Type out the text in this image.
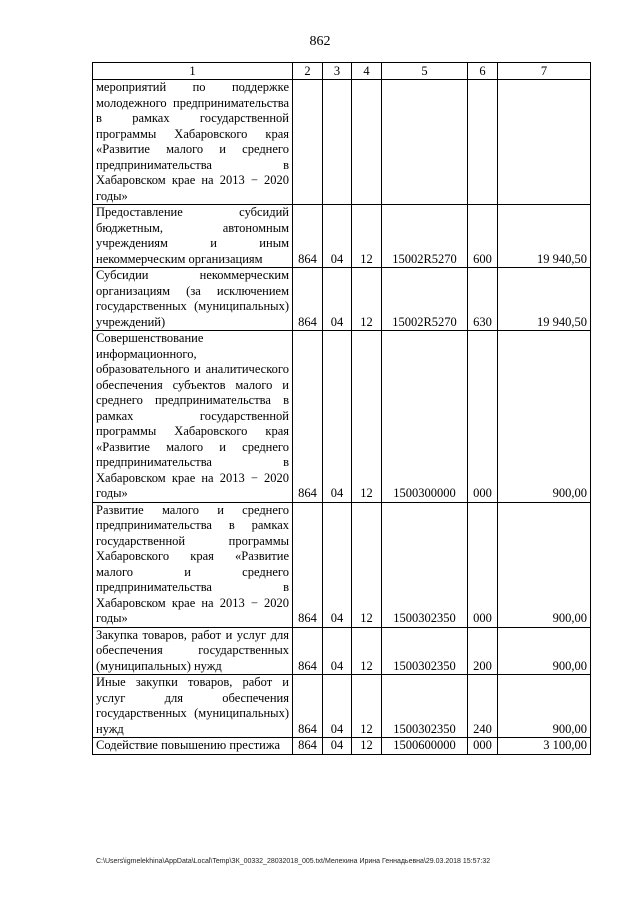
862
1	2	3	4	5	6	7
мероприятий по поддержке молодежного предпринимательства в рамках государственной программы Хабаровского края «Развитие малого и среднего предпринимательства в Хабаровском крае на 2013 − 2020 годы»						
Предоставление субсидий бюджетным, автономным учреждениям и иным некоммерческим организациям	864	04	12	15002R5270	600	19 940,50
Субсидии некоммерческим организациям (за исключением государственных (муниципальных) учреждений)	864	04	12	15002R5270	630	19 940,50
Совершенствование информационного, образовательного и аналитического обеспечения субъектов малого и среднего предпринимательства в рамках государственной программы Хабаровского края «Развитие малого и среднего предпринимательства в Хабаровском крае на 2013 − 2020 годы»	864	04	12	1500300000	000	900,00
Развитие малого и среднего предпринимательства в рамках государственной программы Хабаровского края «Развитие малого и среднего предпринимательства в Хабаровском крае на 2013 − 2020 годы»	864	04	12	1500302350	000	900,00
Закупка товаров, работ и услуг для обеспечения государственных (муниципальных) нужд	864	04	12	1500302350	200	900,00
Иные закупки товаров, работ и услуг для обеспечения государственных (муниципальных) нужд	864	04	12	1500302350	240	900,00
Содействие повышению престижа	864	04	12	1500600000	000	3 100,00
C:\Users\igmelekhina\AppData\Local\Temp\ЗК_00332_28032018_005.txt/Мелехина Ирина Геннадьевна\29.03.2018 15:57:32
